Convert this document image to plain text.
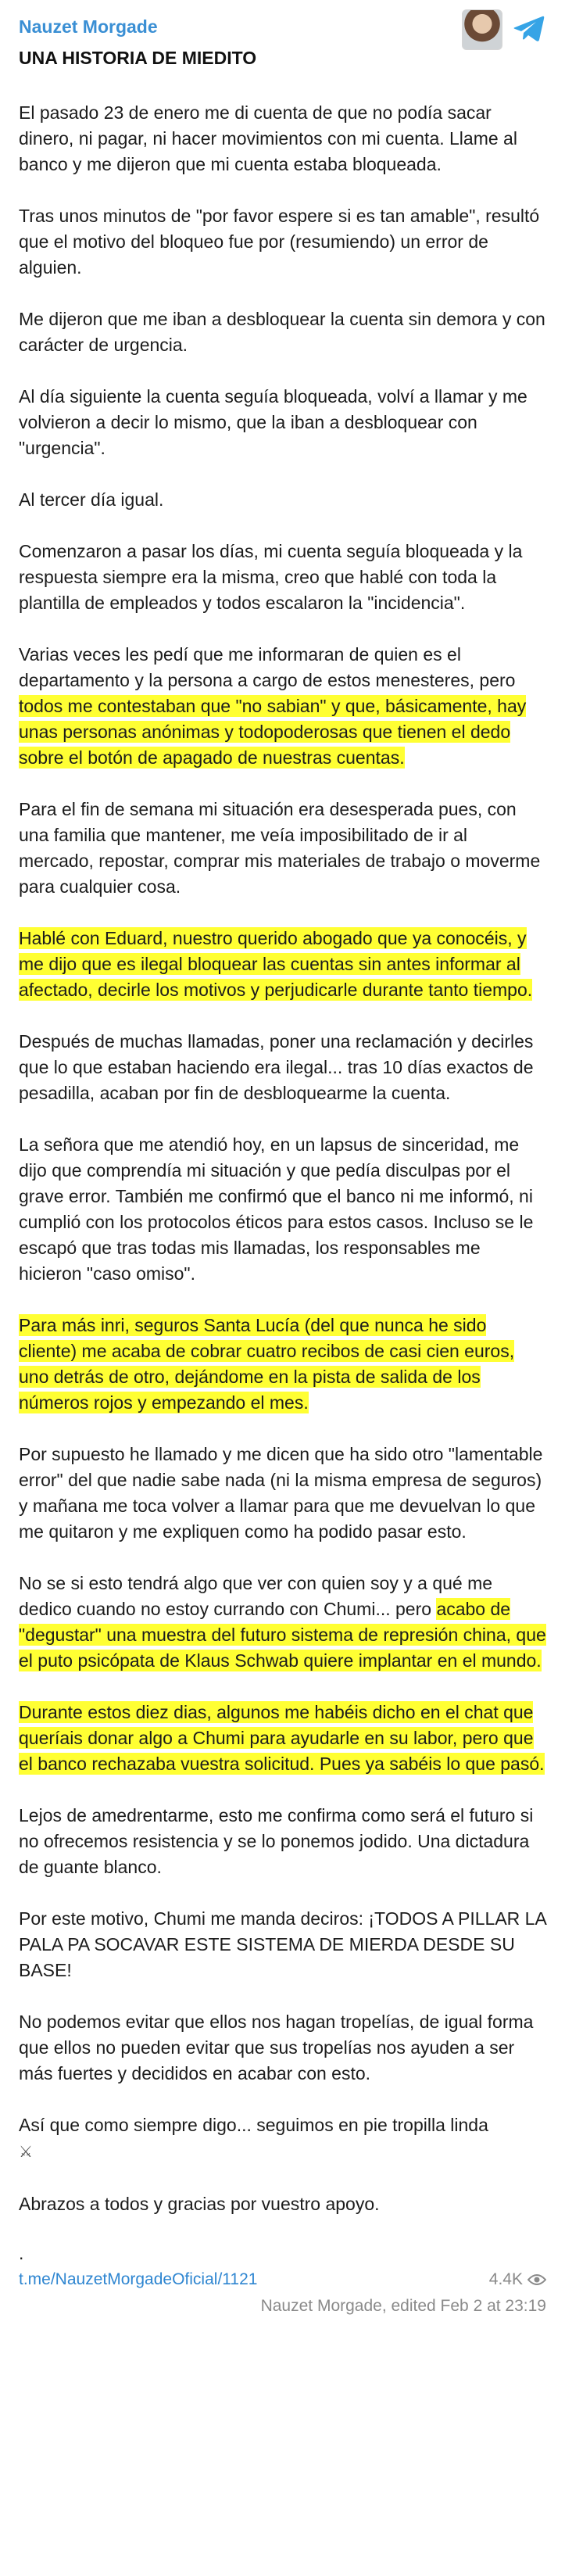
Nauzet Morgade
UNA HISTORIA DE MIEDITO

El pasado 23 de enero me di cuenta de que no podía sacar dinero, ni pagar, ni hacer movimientos con mi cuenta. Llame al banco y me dijeron que mi cuenta estaba bloqueada.

Tras unos minutos de "por favor espere si es tan amable", resultó que el motivo del bloqueo fue por (resumiendo) un error de alguien.

Me dijeron que me iban a desbloquear la cuenta sin demora y con carácter de urgencia.

Al día siguiente la cuenta seguía bloqueada, volví a llamar y me volvieron a decir lo mismo, que la iban a desbloquear con "urgencia".

Al tercer día igual.

Comenzaron a pasar los días, mi cuenta seguía bloqueada y la respuesta siempre era la misma, creo que hablé con toda la plantilla de empleados y todos escalaron la "incidencia".

Varias veces les pedí que me informaran de quien es el departamento y la persona a cargo de estos menesteres, pero todos me contestaban que "no sabian" y que, básicamente, hay unas personas anónimas y todopoderosas que tienen el dedo sobre el botón de apagado de nuestras cuentas.

Para el fin de semana mi situación era desesperada pues, con una familia que mantener, me veía imposibilitado de ir al mercado, repostar, comprar mis materiales de trabajo o moverme para cualquier cosa.

Hablé con Eduard, nuestro querido abogado que ya conocéis, y me dijo que es ilegal bloquear las cuentas sin antes informar al afectado, decirle los motivos y perjudicarle durante tanto tiempo.

Después de muchas llamadas, poner una reclamación y decirles que lo que estaban haciendo era ilegal... tras 10 días exactos de pesadilla, acaban por fin de desbloquearme la cuenta.

La señora que me atendió hoy, en un lapsus de sinceridad, me dijo que comprendía mi situación y que pedía disculpas por el grave error. También me confirmó que el banco ni me informó, ni cumplió con los protocolos éticos para estos casos. Incluso se le escapó que tras todas mis llamadas, los responsables me hicieron "caso omiso".

Para más inri, seguros Santa Lucía (del que nunca he sido cliente) me acaba de cobrar cuatro recibos de casi cien euros, uno detrás de otro, dejándome en la pista de salida de los números rojos y empezando el mes.

Por supuesto he llamado y me dicen que ha sido otro "lamentable error" del que nadie sabe nada (ni la misma empresa de seguros) y mañana me toca volver a llamar para que me devuelvan lo que me quitaron y me expliquen como ha podido pasar esto.

No se si esto tendrá algo que ver con quien soy y a qué me dedico cuando no estoy currando con Chumi... pero acabo de "degustar" una muestra del futuro sistema de represión china, que el puto psicópata de Klaus Schwab quiere implantar en el mundo.

Durante estos diez dias, algunos me habéis dicho en el chat que queríais donar algo a Chumi para ayudarle en su labor, pero que el banco rechazaba vuestra solicitud. Pues ya sabéis lo que pasó.

Lejos de amedrentarme, esto me confirma como será el futuro si no ofrecemos resistencia y se lo ponemos jodido. Una dictadura de guante blanco.

Por este motivo, Chumi me manda deciros: ¡TODOS A PILLAR LA PALA PA SOCAVAR ESTE SISTEMA DE MIERDA DESDE SU BASE!

No podemos evitar que ellos nos hagan tropelías, de igual forma que ellos no pueden evitar que sus tropelías nos ayuden a ser más fuertes y decididos en acabar con esto.

Así que como siempre digo... seguimos en pie tropilla linda
⚔

Abrazos a todos y gracias por vuestro apoyo.

.
t.me/NauzetMorgadeOficial/1121	4.4K
Nauzet Morgade, edited Feb 2 at 23:19
